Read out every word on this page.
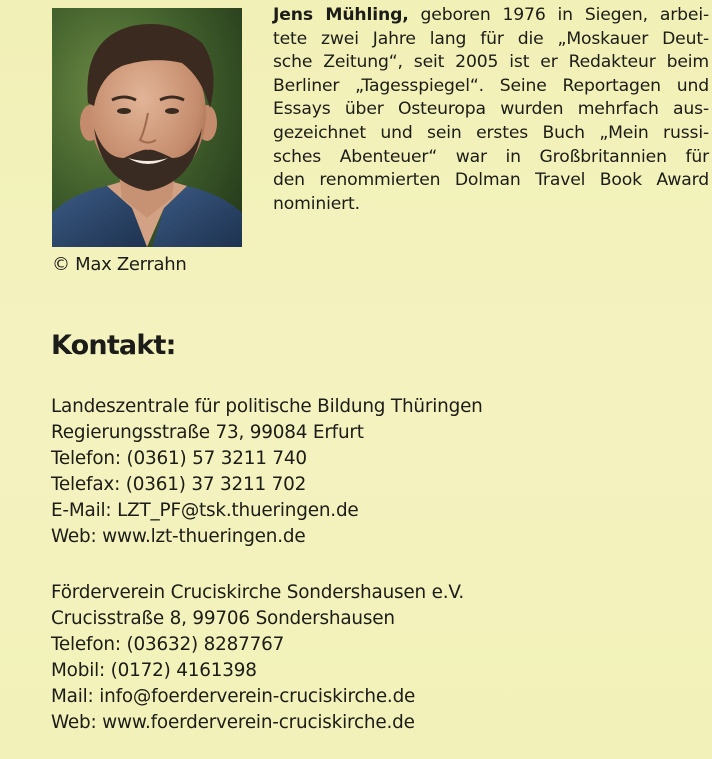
© Max Zerrahn
Jens Mühling, geboren 1976 in Siegen, arbei-
tete zwei Jahre lang für die „Moskauer Deut-
sche Zeitung“, seit 2005 ist er Redakteur beim
Berliner „Tagesspiegel“. Seine Reportagen und
Essays über Osteuropa wurden mehrfach aus-
gezeichnet und sein erstes Buch „Mein russi-
sches Abenteuer“ war in Großbritannien für
den renommierten Dolman Travel Book Award
nominiert.
Kontakt:
Landeszentrale für politische Bildung Thüringen
Regierungsstraße 73, 99084 Erfurt
Telefon: (0361) 57 3211 740
Telefax: (0361) 37 3211 702
E-Mail: LZT_PF@tsk.thueringen.de
Web: www.lzt-thueringen.de
Förderverein Cruciskirche Sondershausen e.V.
Crucisstraße 8, 99706 Sondershausen
Telefon: (03632) 8287767
Mobil: (0172) 4161398
Mail: info@foerderverein-cruciskirche.de
Web: www.foerderverein-cruciskirche.de
